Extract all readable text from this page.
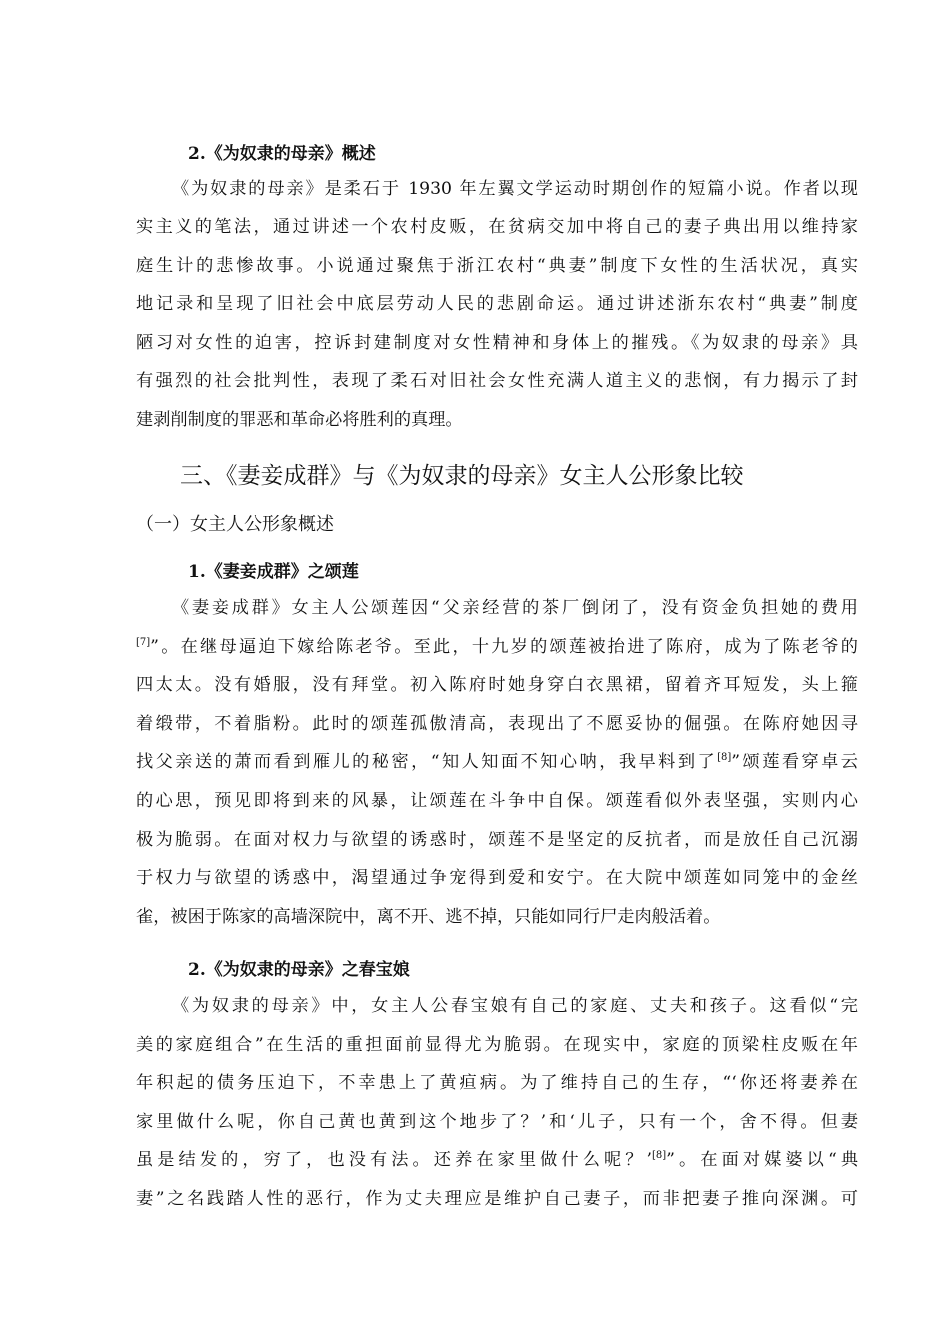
2.《为奴隶的母亲》概述
《为奴隶的母亲》是柔石于 1930 年左翼文学运动时期创作的短篇小说。作者以现
实主义的笔法，通过讲述一个农村皮贩，在贫病交加中将自己的妻子典出用以维持家
庭生计的悲惨故事。小说通过聚焦于浙江农村“典妻”制度下女性的生活状况，真实
地记录和呈现了旧社会中底层劳动人民的悲剧命运。通过讲述浙东农村“典妻”制度
陋习对女性的迫害，控诉封建制度对女性精神和身体上的摧残。《为奴隶的母亲》具
有强烈的社会批判性，表现了柔石对旧社会女性充满人道主义的悲悯，有力揭示了封
建剥削制度的罪恶和革命必将胜利的真理。
三、《妻妾成群》与《为奴隶的母亲》女主人公形象比较
（一）女主人公形象概述
1.《妻妾成群》之颂莲
《妻妾成群》女主人公颂莲因“父亲经营的茶厂倒闭了，没有资金负担她的费用
[7]”。在继母逼迫下嫁给陈老爷。至此，十九岁的颂莲被抬进了陈府，成为了陈老爷的
四太太。没有婚服，没有拜堂。初入陈府时她身穿白衣黑裙，留着齐耳短发，头上箍
着缎带，不着脂粉。此时的颂莲孤傲清高，表现出了不愿妥协的倔强。在陈府她因寻
找父亲送的萧而看到雁儿的秘密，“知人知面不知心呐，我早料到了[8]”颂莲看穿卓云
的心思，预见即将到来的风暴，让颂莲在斗争中自保。颂莲看似外表坚强，实则内心
极为脆弱。在面对权力与欲望的诱惑时，颂莲不是坚定的反抗者，而是放任自己沉溺
于权力与欲望的诱惑中，渴望通过争宠得到爱和安宁。在大院中颂莲如同笼中的金丝
雀，被困于陈家的高墙深院中，离不开、逃不掉，只能如同行尸走肉般活着。
2.《为奴隶的母亲》之春宝娘
《为奴隶的母亲》中，女主人公春宝娘有自己的家庭、丈夫和孩子。这看似“完
美的家庭组合”在生活的重担面前显得尤为脆弱。在现实中，家庭的顶梁柱皮贩在年
年积起的债务压迫下，不幸患上了黄疸病。为了维持自己的生存，“‘你还将妻养在
家里做什么呢，你自己黄也黄到这个地步了？’和‘儿子，只有一个，舍不得。但妻
虽是结发的，穷了，也没有法。还养在家里做什么呢？’[8]”。在面对媒婆以“典
妻”之名践踏人性的恶行，作为丈夫理应是维护自己妻子，而非把妻子推向深渊。可
